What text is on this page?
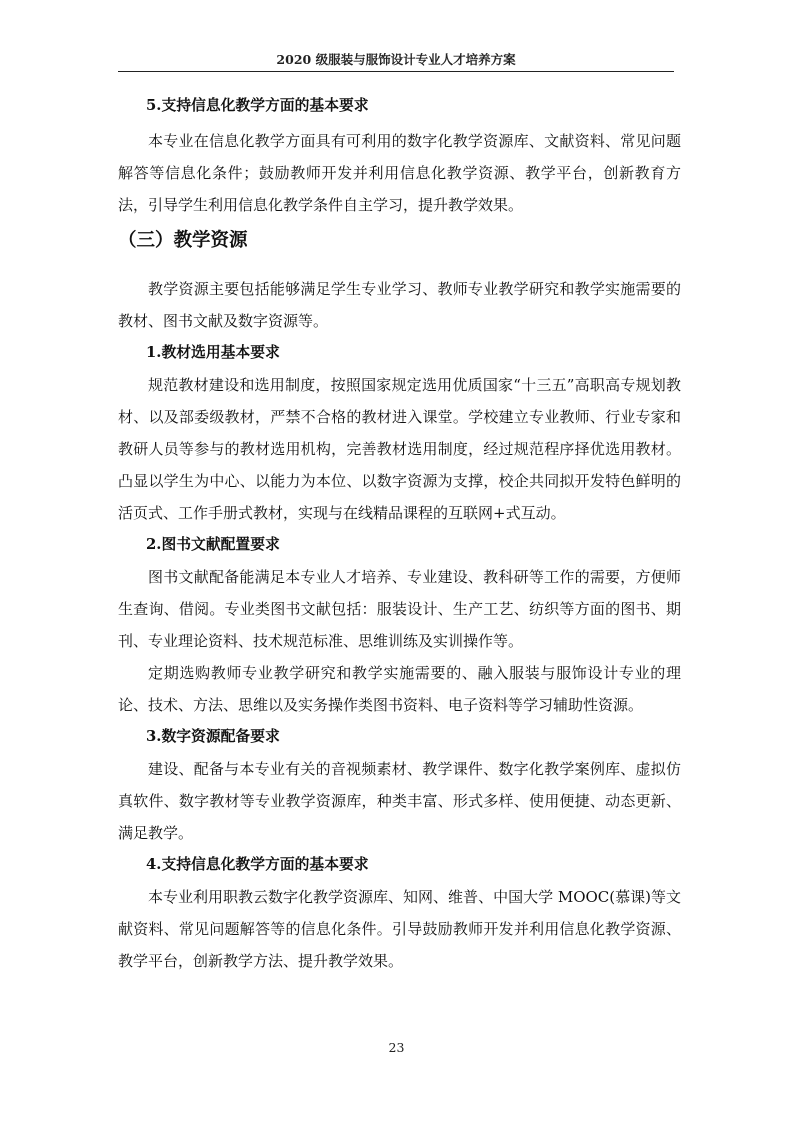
2020 级服装与服饰设计专业人才培养方案
5.支持信息化教学方面的基本要求

本专业在信息化教学方面具有可利用的数字化教学资源库、文献资料、常见问题解答等信息化条件；鼓励教师开发并利用信息化教学资源、教学平台，创新教育方法，引导学生利用信息化教学条件自主学习，提升教学效果。

（三）教学资源

教学资源主要包括能够满足学生专业学习、教师专业教学研究和教学实施需要的教材、图书文献及数字资源等。

1.教材选用基本要求

规范教材建设和选用制度，按照国家规定选用优质国家“十三五”高职高专规划教材、以及部委级教材，严禁不合格的教材进入课堂。学校建立专业教师、行业专家和教研人员等参与的教材选用机构，完善教材选用制度，经过规范程序择优选用教材。凸显以学生为中心、以能力为本位、以数字资源为支撑，校企共同拟开发特色鲜明的活页式、工作手册式教材，实现与在线精品课程的互联网+式互动。

2.图书文献配置要求

图书文献配备能满足本专业人才培养、专业建设、教科研等工作的需要，方便师生查询、借阅。专业类图书文献包括：服装设计、生产工艺、纺织等方面的图书、期刊、专业理论资料、技术规范标准、思维训练及实训操作等。

定期选购教师专业教学研究和教学实施需要的、融入服装与服饰设计专业的理论、技术、方法、思维以及实务操作类图书资料、电子资料等学习辅助性资源。

3.数字资源配备要求

建设、配备与本专业有关的音视频素材、教学课件、数字化教学案例库、虚拟仿真软件、数字教材等专业教学资源库，种类丰富、形式多样、使用便捷、动态更新、满足教学。

4.支持信息化教学方面的基本要求

本专业利用职教云数字化教学资源库、知网、维普、中国大学 MOOC(慕课)等文献资料、常见问题解答等的信息化条件。引导鼓励教师开发并利用信息化教学资源、教学平台，创新教学方法、提升教学效果。

23
